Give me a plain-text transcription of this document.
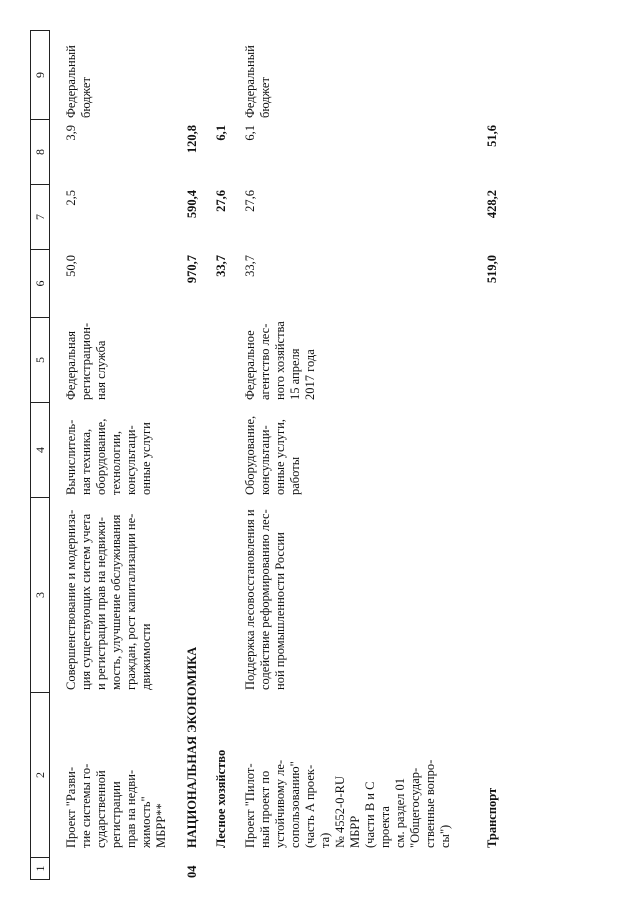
1
2
3
4
5
6
7
8
9
Проект "Разви-
тие системы го-
сударственной
регистрации
прав на недви-
жимость"
МБРР**
Совершенствование и модерниза-
ция существующих систем учета
и регистрации прав на недвижи-
мость, улучшение обслуживания
граждан, рост капитализации не-
движимости
Вычислитель-
ная техника,
оборудование,
технологии,
консультаци-
онные услуги
Федеральная
регистрацион-
ная служба
50,0
2,5
3,9
Федеральный
бюджет
04
НАЦИОНАЛЬНАЯ ЭКОНОМИКА
970,7
590,4
120,8
Лесное хозяйство
33,7
27,6
6,1
Проект "Пилот-
ный проект по
устойчивому ле-
сопользованию"
(часть А проек-
та)
№ 4552-0-RU
МБРР
(части В и С
проекта
см. раздел 01
"Общегосудар-
ственные вопро-
сы")
Поддержка лесовосстановления и
содействие реформированию лес-
ной промышленности России
Оборудование,
консультаци-
онные услуги,
работы
Федеральное
агентство лес-
ного хозяйства
15 апреля
2017 года
33,7
27,6
6,1
Федеральный
бюджет
Транспорт
519,0
428,2
51,6
